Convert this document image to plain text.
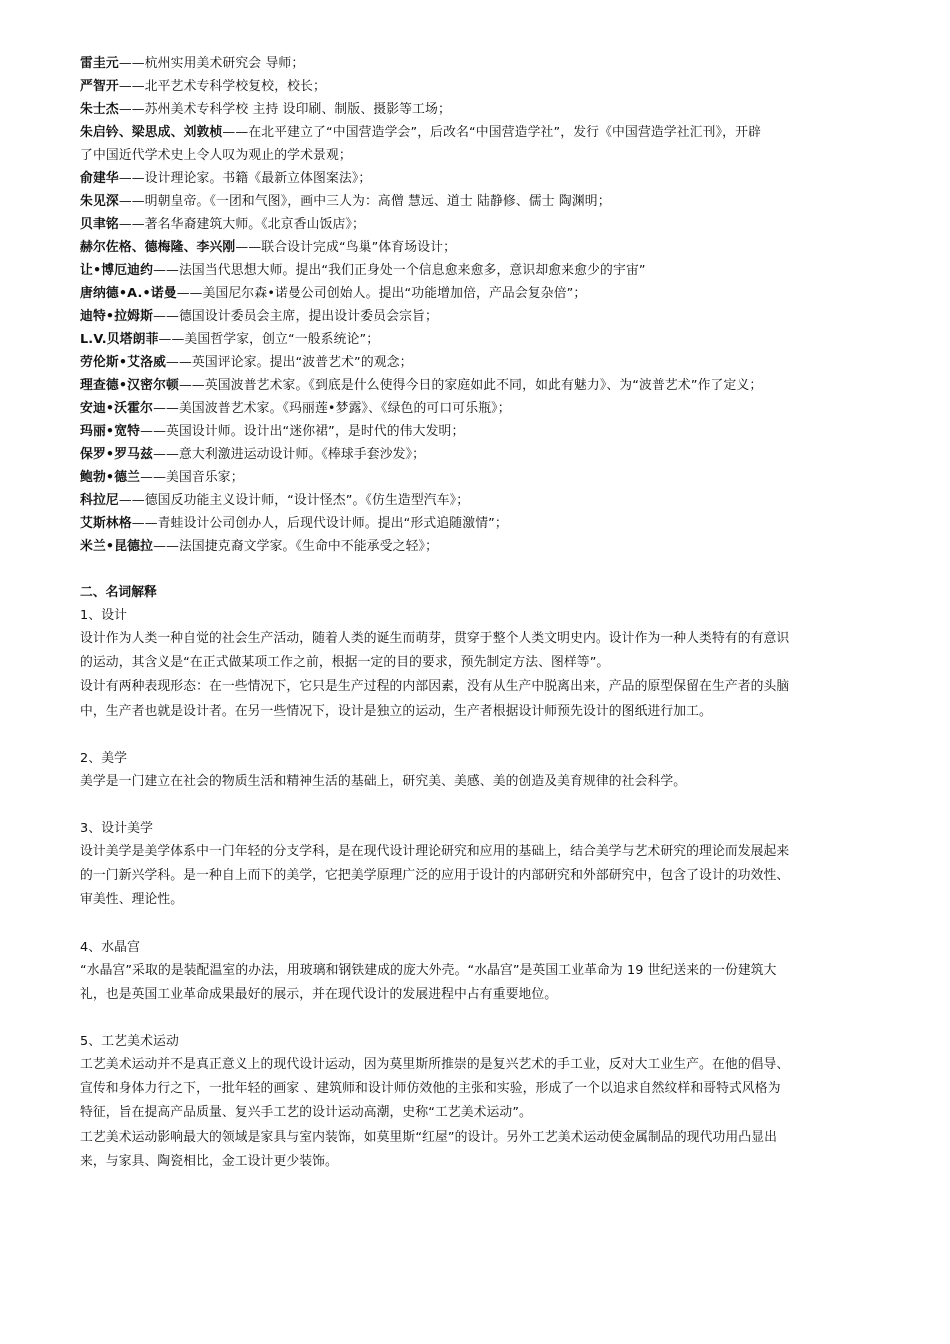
雷圭元——杭州实用美术研究会 导师；
严智开——北平艺术专科学校复校，校长；
朱士杰——苏州美术专科学校 主持 设印刷、制版、摄影等工场；
朱启钤、梁思成、刘敦桢——在北平建立了“中国营造学会”，后改名“中国营造学社”，发行《中国营造学社汇刊》，开辟
了中国近代学术史上令人叹为观止的学术景观；
俞建华——设计理论家。书籍《最新立体图案法》；
朱见深——明朝皇帝。《一团和气图》，画中三人为：高僧 慧远、道士 陆静修、儒士 陶渊明；
贝聿铭——著名华裔建筑大师。《北京香山饭店》；
赫尔佐格、德梅隆、李兴刚——联合设计完成“鸟巢”体育场设计；
让•博厄迪约——法国当代思想大师。提出“我们正身处一个信息愈来愈多，意识却愈来愈少的宇宙”
唐纳德•A.•诺曼——美国尼尔森•诺曼公司创始人。提出“功能增加倍，产品会复杂倍”；
迪特•拉姆斯——德国设计委员会主席，提出设计委员会宗旨；
L.V.贝塔朗菲——美国哲学家，创立“一般系统论”；
劳伦斯•艾洛威——英国评论家。提出“波普艺术”的观念；
理查德•汉密尔顿——英国波普艺术家。《到底是什么使得今日的家庭如此不同，如此有魅力》、为“波普艺术”作了定义；
安迪•沃霍尔——美国波普艺术家。《玛丽莲•梦露》、《绿色的可口可乐瓶》；
玛丽•宽特——英国设计师。设计出“迷你裙”，是时代的伟大发明；
保罗•罗马兹——意大利激进运动设计师。《棒球手套沙发》；
鲍勃•德兰——美国音乐家；
科拉尼——德国反功能主义设计师，“设计怪杰”。《仿生造型汽车》；
艾斯林格——青蛙设计公司创办人，后现代设计师。提出“形式追随激情”；
米兰•昆德拉——法国捷克裔文学家。《生命中不能承受之轻》；
二、名词解释
1、设计
设计作为人类一种自觉的社会生产活动，随着人类的诞生而萌芽，贯穿于整个人类文明史内。设计作为一种人类特有的有意识
的运动，其含义是“在正式做某项工作之前，根据一定的目的要求，预先制定方法、图样等”。
设计有两种表现形态：在一些情况下，它只是生产过程的内部因素，没有从生产中脱离出来，产品的原型保留在生产者的头脑
中，生产者也就是设计者。在另一些情况下，设计是独立的运动，生产者根据设计师预先设计的图纸进行加工。
2、美学
美学是一门建立在社会的物质生活和精神生活的基础上，研究美、美感、美的创造及美育规律的社会科学。
3、设计美学
设计美学是美学体系中一门年轻的分支学科，是在现代设计理论研究和应用的基础上，结合美学与艺术研究的理论而发展起来
的一门新兴学科。是一种自上而下的美学，它把美学原理广泛的应用于设计的内部研究和外部研究中，包含了设计的功效性、
审美性、理论性。
4、水晶宫
“水晶宫”采取的是装配温室的办法，用玻璃和钢铁建成的庞大外壳。“水晶宫”是英国工业革命为 19 世纪送来的一份建筑大
礼，也是英国工业革命成果最好的展示，并在现代设计的发展进程中占有重要地位。
5、工艺美术运动
工艺美术运动并不是真正意义上的现代设计运动，因为莫里斯所推崇的是复兴艺术的手工业，反对大工业生产。在他的倡导、
宣传和身体力行之下，一批年轻的画家 、建筑师和设计师仿效他的主张和实验，形成了一个以追求自然纹样和哥特式风格为
特征，旨在提高产品质量、复兴手工艺的设计运动高潮，史称“工艺美术运动”。
工艺美术运动影响最大的领域是家具与室内装饰，如莫里斯“红屋”的设计。另外工艺美术运动使金属制品的现代功用凸显出
来，与家具、陶瓷相比，金工设计更少装饰。
